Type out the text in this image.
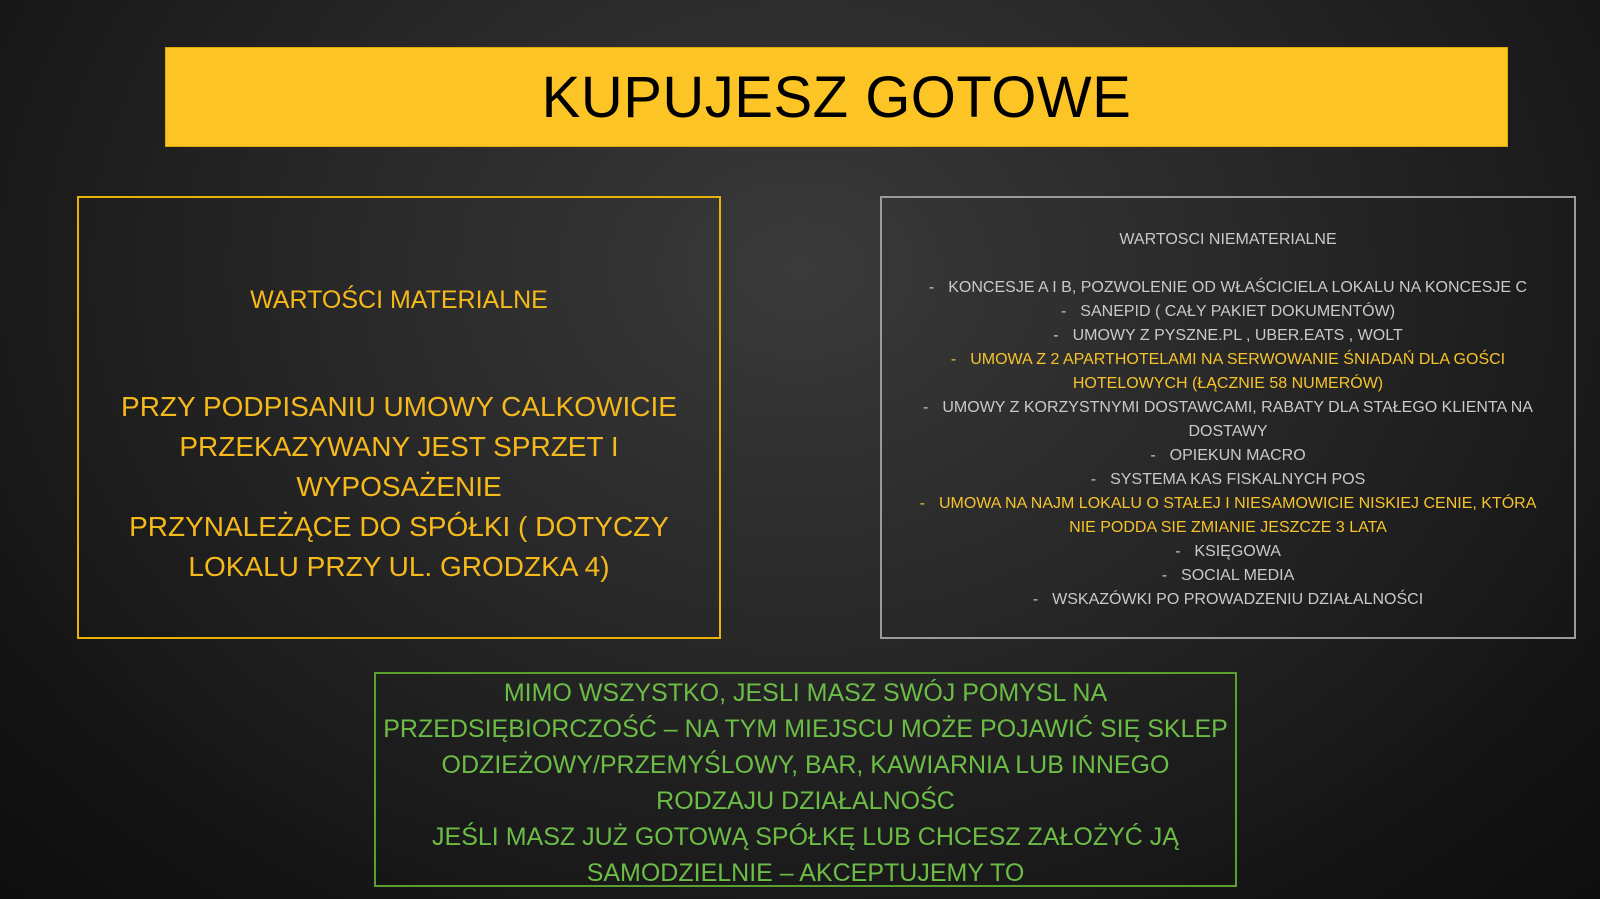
KUPUJESZ GOTOWE
WARTOŚCI MATERIALNE
PRZY PODPISANIU UMOWY CALKOWICIE
PRZEKAZYWANY JEST SPRZET I WYPOSAŻENIE
PRZYNALEŻĄCE DO SPÓŁKI ( DOTYCZY
LOKALU PRZY UL. GRODZKA 4)
WARTOSCI NIEMATERIALNE
- KONCESJE A I B, POZWOLENIE OD WŁAŚCICIELA LOKALU NA KONCESJE C
- SANEPID ( CAŁY PAKIET DOKUMENTÓW)
- UMOWY Z PYSZNE.PL , UBER.EATS , WOLT
- UMOWA Z 2 APARTHOTELAMI NA SERWOWANIE ŚNIADAŃ DLA GOŚCI
HOTELOWYCH (ŁĄCZNIE 58 NUMERÓW)
- UMOWY Z KORZYSTNYMI DOSTAWCAMI, RABATY DLA STAŁEGO KLIENTA NA
DOSTAWY
- OPIEKUN MACRO
- SYSTEMA KAS FISKALNYCH POS
- UMOWA NA NAJM LOKALU O STAŁEJ I NIESAMOWICIE NISKIEJ CENIE, KTÓRA
NIE PODDA SIE ZMIANIE JESZCZE 3 LATA
- KSIĘGOWA
- SOCIAL MEDIA
- WSKAZÓWKI PO PROWADZENIU DZIAŁALNOŚCI

MIMO WSZYSTKO, JESLI MASZ SWÓJ POMYSL NA

PRZEDSIĘBIORCZOŚĆ – NA TYM MIEJSCU MOŻE POJAWIĆ SIĘ SKLEP

ODZIEŻOWY/PRZEMYŚLOWY, BAR, KAWIARNIA LUB INNEGO

RODZAJU DZIAŁALNOŚC

JEŚLI MASZ JUŻ GOTOWĄ SPÓŁKĘ LUB CHCESZ ZAŁOŻYĆ JĄ

SAMODZIELNIE – AKCEPTUJEMY TO
